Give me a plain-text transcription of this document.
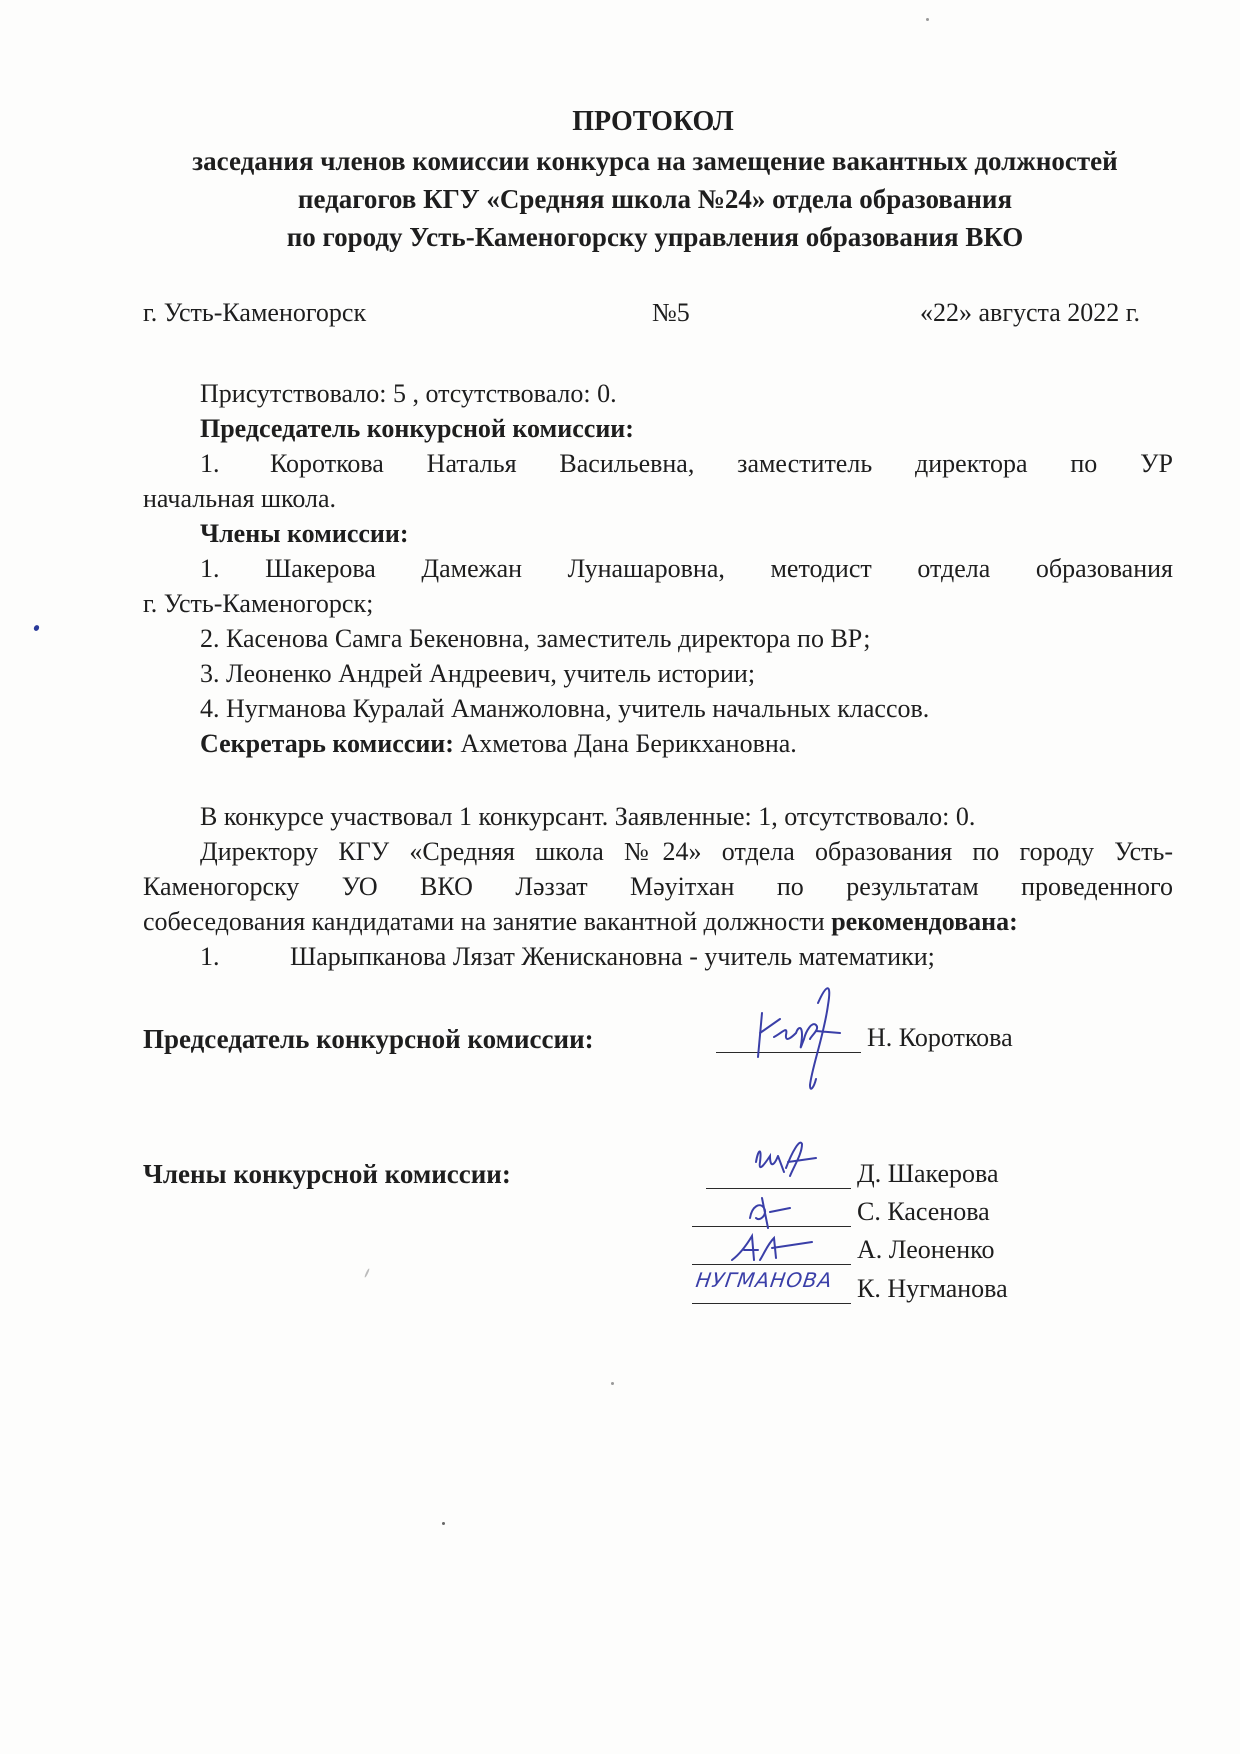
ПРОТОКОЛ
заседания членов комиссии конкурса на замещение вакантных должностей
педагогов КГУ «Средняя школа №24» отдела образования
по городу Усть-Каменогорску управления образования ВКО
г. Усть-Каменогорск	№5	«22» августа 2022 г.
Присутствовало: 5 , отсутствовало: 0.
Председатель конкурсной комиссии:
1.	Короткова Наталья Васильевна, заместитель директора по УР
начальная школа.
Члены комиссии:
1. Шакерова Дамежан Лунашаровна, методист отдела образования
г. Усть-Каменогорск;
2. Касенова Самга Бекеновна, заместитель директора по ВР;
3. Леоненко Андрей Андреевич, учитель истории;
4. Нугманова Куралай Аманжоловна, учитель начальных классов.
Секретарь комиссии: Ахметова Дана Берикхановна.
В конкурсе участвовал 1 конкурсант. Заявленные: 1, отсутствовало: 0.
Директору КГУ «Средняя школа №24» отдела образования по городу Усть-
Каменогорску УО ВКО Ләззат Мәуітхан по результатам проведенного
собеседования кандидатами на занятие вакантной должности рекомендована:
1.	Шарыпканова Лязат Женискановна - учитель математики;
Председатель конкурсной комиссии:	Н. Короткова
Члены конкурсной комиссии:	Д. Шакерова
С. Касенова
А. Леоненко
К. Нугманова
НУГМАНОВА
